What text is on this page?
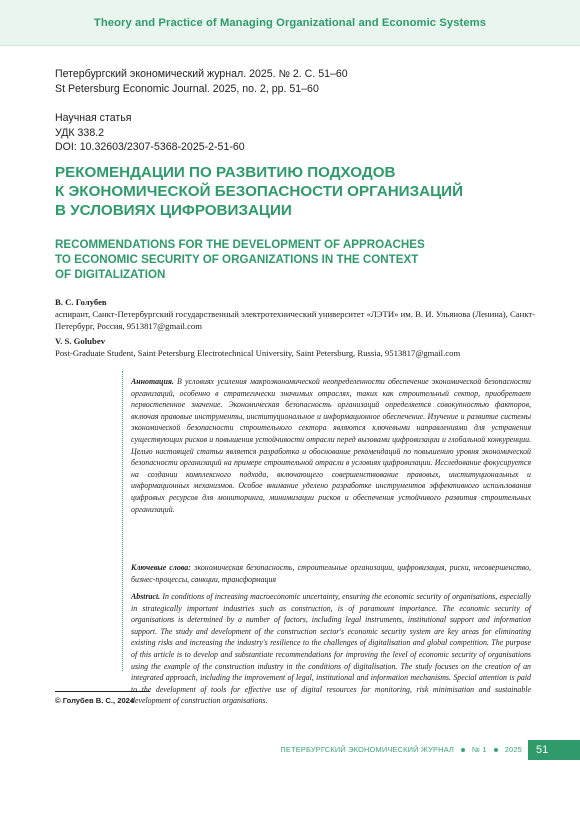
Theory and Practice of Managing Organizational and Economic Systems
Петербургский экономический журнал. 2025. № 2. С. 51–60
St Petersburg Economic Journal. 2025, no. 2, pp. 51–60
Научная статья
УДК 338.2
DOI: 10.32603/2307-5368-2025-2-51-60
РЕКОМЕНДАЦИИ ПО РАЗВИТИЮ ПОДХОДОВ
К ЭКОНОМИЧЕСКОЙ БЕЗОПАСНОСТИ ОРГАНИЗАЦИЙ
В УСЛОВИЯХ ЦИФРОВИЗАЦИИ
RECOMMENDATIONS FOR THE DEVELOPMENT OF APPROACHES
TO ECONOMIC SECURITY OF ORGANIZATIONS IN THE CONTEXT
OF DIGITALIZATION
В. С. Голубев
аспирант, Санкт-Петербургский государственный электротехнический университет «ЛЭТИ» им. В. И. Ульянова (Ленина), Санкт-Петербург, Россия, 9513817@gmail.com
V. S. Golubev
Post-Graduate Student, Saint Petersburg Electrotechnical University, Saint Petersburg, Russia, 9513817@gmail.com

Аннотация. В условиях усиления макроэкономической неопределенности обеспечение экономической безопасности организаций, особенно в стратегически значимых отраслях, таких как строительный сектор, приобретает первостепенное значение. Экономическая безопасность организаций определяется совокупностью факторов, включая правовые инструменты, институциональное и информационное обеспечение. Изучение и развитие системы экономической безопасности строительного сектора являются ключевыми направлениями для устранения существующих рисков и повышения устойчивости отрасли перед вызовами цифровизации и глобальной конкуренции. Целью настоящей статьи является разработка и обоснование рекомендаций по повышению уровня экономической безопасности организаций на примере строительной отрасли в условиях цифровизации. Исследование фокусируется на создании комплексного подхода, включающего совершенствование правовых, институциональных и информационных механизмов. Особое внимание уделено разработке инструментов эффективного использования цифровых ресурсов для мониторинга, минимизации рисков и обеспечения устойчивого развития строительных организаций.

Ключевые слова: экономическая безопасность, строительные организации, цифровизация, риски, несовершенство, бизнес-процессы, санкции, трансформация

Abstract. In conditions of increasing macroeconomic uncertainty, ensuring the economic security of organisations, especially in strategically important industries such as construction, is of paramount importance. The economic security of organisations is determined by a number of factors, including legal instruments, institutional support and information support. The study and development of the construction sector's economic security system are key areas for eliminating existing risks and increasing the industry's resilience to the challenges of digitalisation and global competition. The purpose of this article is to develop and substantiate recommendations for improving the level of economic security of organisations using the example of the construction industry in the conditions of digitalisation. The study focuses on the creation of an integrated approach, including the improvement of legal, institutional and information mechanisms. Special attention is paid to the development of tools for effective use of digital resources for monitoring, risk minimisation and sustainable development of construction organisations.

© Голубев В. С., 2024
ПЕТЕРБУРГСКИЙ ЭКОНОМИЧЕСКИЙ ЖУРНАЛ № 1 2025	51
